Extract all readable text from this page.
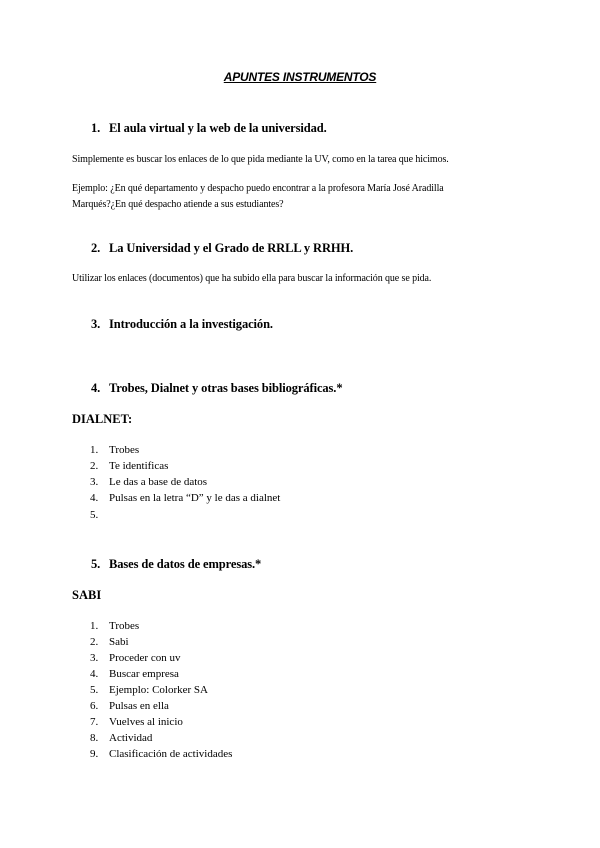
APUNTES INSTRUMENTOS
1. El aula virtual y la web de la universidad.
Simplemente es buscar los enlaces de lo que pida mediante la UV, como en la tarea que hicimos.
Ejemplo: ¿En qué departamento y despacho puedo encontrar a la profesora María José Aradilla
Marqués?¿En qué despacho atiende a sus estudiantes?
2. La Universidad y el Grado de RRLL y RRHH.
Utilizar los enlaces (documentos) que ha subido ella para buscar la información que se pida.
3. Introducción a la investigación.
4. Trobes, Dialnet y otras bases bibliográficas.*
DIALNET:
1. Trobes
2. Te identificas
3. Le das a base de datos
4. Pulsas en la letra “D” y le das a dialnet
5.
5. Bases de datos de empresas.*
SABI
1. Trobes
2. Sabi
3. Proceder con uv
4. Buscar empresa
5. Ejemplo: Colorker SA
6. Pulsas en ella
7. Vuelves al inicio
8. Actividad
9. Clasificación de actividades
